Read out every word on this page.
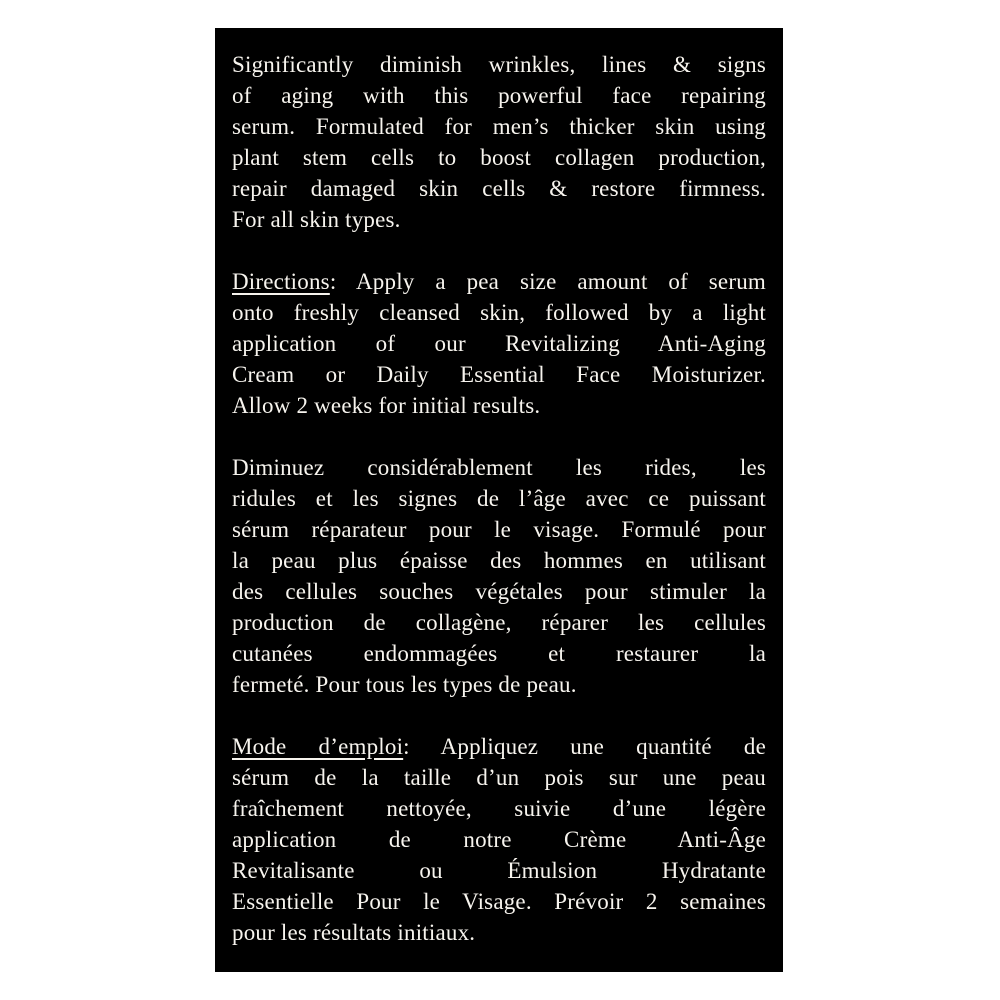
Significantly diminish wrinkles, lines & signs
of aging with this powerful face repairing
serum. Formulated for men’s thicker skin using
plant stem cells to boost collagen production,
repair damaged skin cells & restore firmness.
For all skin types.
Directions: Apply a pea size amount of serum
onto freshly cleansed skin, followed by a light
application of our Revitalizing Anti-Aging
Cream or Daily Essential Face Moisturizer.
Allow 2 weeks for initial results.
Diminuez considérablement les rides, les
ridules et les signes de l’âge avec ce puissant
sérum réparateur pour le visage. Formulé pour
la peau plus épaisse des hommes en utilisant
des cellules souches végétales pour stimuler la
production de collagène, réparer les cellules
cutanées endommagées et restaurer la
fermeté. Pour tous les types de peau.
Mode d’emploi: Appliquez une quantité de
sérum de la taille d’un pois sur une peau
fraîchement nettoyée, suivie d’une légère
application de notre Crème Anti-Âge
Revitalisante ou Émulsion Hydratante
Essentielle Pour le Visage. Prévoir 2 semaines
pour les résultats initiaux.
